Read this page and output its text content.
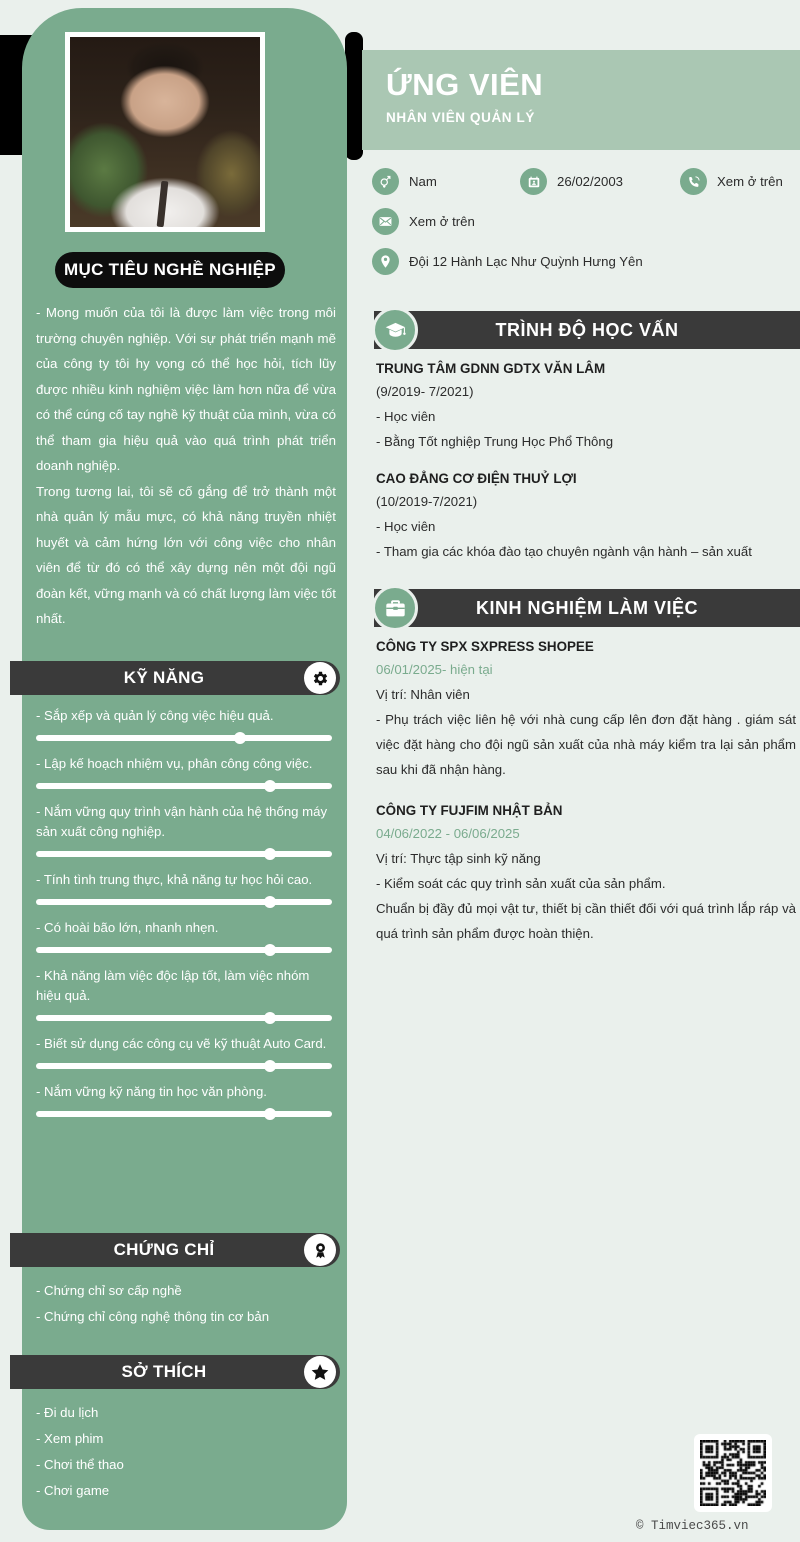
MỤC TIÊU NGHỀ NGHIỆP

- Mong muốn của tôi là được làm việc trong môi trường chuyên nghiệp. Với sự phát triển mạnh mẽ của công ty tôi hy vọng có thể học hỏi, tích lũy được nhiều kinh nghiệm việc làm hơn nữa để vừa có thể cúng cố tay nghề kỹ thuật của mình, vừa có thể tham gia hiệu quả vào quá trình phát triển doanh nghiệp.

Trong tương lai, tôi sẽ cố gắng để trở thành một nhà quản lý mẫu mực, có khả năng truyền nhiệt huyết và cảm hứng lớn với công việc cho nhân viên để từ đó có thể xây dựng nên một đội ngũ đoàn kết, vững mạnh và có chất lượng làm việc tốt nhất.

KỸ NĂNG
- Sắp xếp và quản lý công việc hiệu quả.
- Lập kế hoạch nhiệm vụ, phân công công việc.
- Nắm vững quy trình vận hành của hệ thống máy sản xuất công nghiệp.
- Tính tình trung thực, khả năng tự học hỏi cao.
- Có hoài bão lớn, nhanh nhẹn.
- Khả năng làm việc độc lập tốt, làm việc nhóm hiệu quả.
- Biết sử dụng các công cụ vẽ kỹ thuật Auto Card.
- Nắm vững kỹ năng tin học văn phòng.
CHỨNG CHỈ
- Chứng chỉ sơ cấp nghề
- Chứng chỉ công nghệ thông tin cơ bản
SỞ THÍCH
- Đi du lịch
- Xem phim
- Chơi thể thao
- Chơi game
ỨNG VIÊN
NHÂN VIÊN QUẢN LÝ
Nam	26/02/2003	Xem ở trên
Xem ở trên
Đội 12 Hành Lạc Như Quỳnh Hưng Yên
TRÌNH ĐỘ HỌC VẤN
TRUNG TÂM GDNN GDTX VĂN LÂM
(9/2019- 7/2021)
- Học viên
- Bằng Tốt nghiệp Trung Học Phổ Thông
CAO ĐẲNG CƠ ĐIỆN THUỶ LỢI
(10/2019-7/2021)
- Học viên
- Tham gia các khóa đào tạo chuyên ngành vận hành – sản xuất
KINH NGHIỆM LÀM VIỆC
CÔNG TY SPX SXPRESS SHOPEE
06/01/2025- hiện tại
Vị trí: Nhân viên
- Phụ trách việc liên hệ với nhà cung cấp lên đơn đặt hàng . giám sát việc đặt hàng cho đội ngũ sản xuất của nhà máy kiểm tra lại sản phẩm sau khi đã nhận hàng.
CÔNG TY FUJFIM NHẬT BẢN
04/06/2022 - 06/06/2025
Vị trí: Thực tập sinh kỹ năng
- Kiểm soát các quy trình sản xuất của sản phẩm.
Chuẩn bị đầy đủ mọi vật tư, thiết bị cần thiết đối với quá trình lắp ráp và quá trình sản phẩm được hoàn thiện.
© Timviec365.vn
